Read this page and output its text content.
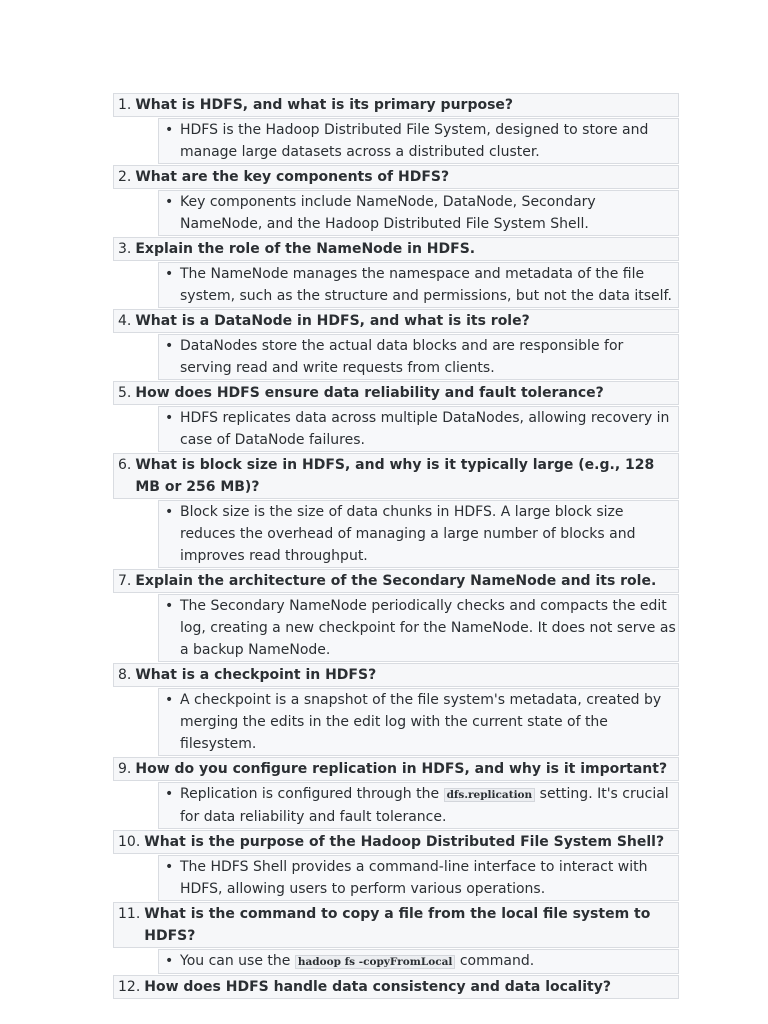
1. What is HDFS, and what is its primary purpose?
• HDFS is the Hadoop Distributed File System, designed to store and manage large datasets across a distributed cluster.
2. What are the key components of HDFS?
• Key components include NameNode, DataNode, Secondary NameNode, and the Hadoop Distributed File System Shell.
3. Explain the role of the NameNode in HDFS.
• The NameNode manages the namespace and metadata of the file system, such as the structure and permissions, but not the data itself.
4. What is a DataNode in HDFS, and what is its role?
• DataNodes store the actual data blocks and are responsible for serving read and write requests from clients.
5. How does HDFS ensure data reliability and fault tolerance?
• HDFS replicates data across multiple DataNodes, allowing recovery in case of DataNode failures.
6. What is block size in HDFS, and why is it typically large (e.g., 128 MB or 256 MB)?
• Block size is the size of data chunks in HDFS. A large block size reduces the overhead of managing a large number of blocks and improves read throughput.
7. Explain the architecture of the Secondary NameNode and its role.
• The Secondary NameNode periodically checks and compacts the edit log, creating a new checkpoint for the NameNode. It does not serve as a backup NameNode.
8. What is a checkpoint in HDFS?
• A checkpoint is a snapshot of the file system's metadata, created by merging the edits in the edit log with the current state of the filesystem.
9. How do you configure replication in HDFS, and why is it important?
• Replication is configured through the dfs.replication setting. It's crucial for data reliability and fault tolerance.
10. What is the purpose of the Hadoop Distributed File System Shell?
• The HDFS Shell provides a command-line interface to interact with HDFS, allowing users to perform various operations.
11. What is the command to copy a file from the local file system to HDFS?
• You can use the hadoop fs -copyFromLocal command.
12. How does HDFS handle data consistency and data locality?
